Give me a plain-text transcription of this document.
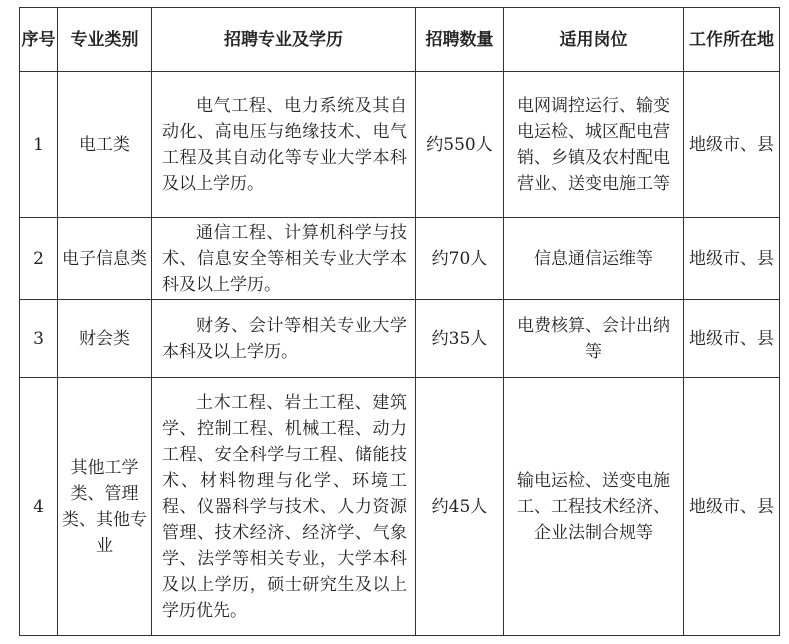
序号	专业类别	招聘专业及学历	招聘数量	适用岗位	工作所在地
1	电工类	电气工程、电力系统及其自动化、高电压与绝缘技术、电气工程及其自动化等专业大学本科及以上学历。	约550人	电网调控运行、输变电运检、城区配电营销、乡镇及农村配电营业、送变电施工等	地级市、县
2	电子信息类	通信工程、计算机科学与技术、信息安全等相关专业大学本科及以上学历。	约70人	信息通信运维等	地级市、县
3	财会类	财务、会计等相关专业大学本科及以上学历。	约35人	电费核算、会计出纳等	地级市、县
4	其他工学类、管理类、其他专业	土木工程、岩土工程、建筑学、控制工程、机械工程、动力工程、安全科学与工程、储能技术、材料物理与化学、环境工程、仪器科学与技术、人力资源管理、技术经济、经济学、气象学、法学等相关专业，大学本科及以上学历，硕士研究生及以上学历优先。	约45人	输电运检、送变电施工、工程技术经济、企业法制合规等	地级市、县
